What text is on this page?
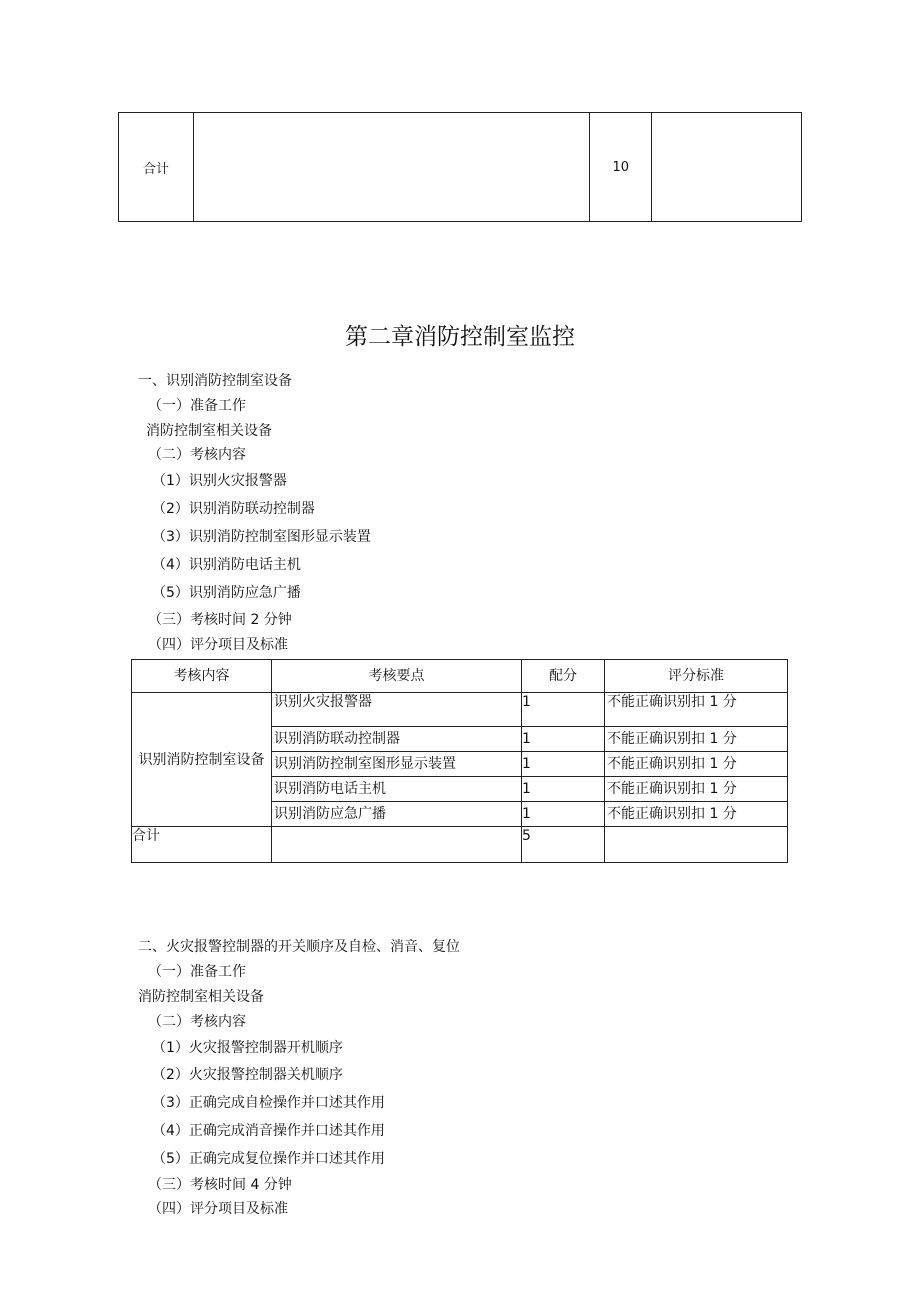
合计		10	
第二章消防控制室监控
一、识别消防控制室设备
（一）准备工作
消防控制室相关设备
（二）考核内容
（1）识别火灾报警器
（2）识别消防联动控制器
（3）识别消防控制室图形显示装置
（4）识别消防电话主机
（5）识别消防应急广播
（三）考核时间 2 分钟
（四）评分项目及标准
考核内容	考核要点	配分	评分标准
识别消防控制室设备	识别火灾报警器	1	不能正确识别扣 1 分
	识别消防联动控制器	1	不能正确识别扣 1 分
	识别消防控制室图形显示装置	1	不能正确识别扣 1 分
	识别消防电话主机	1	不能正确识别扣 1 分
	识别消防应急广播	1	不能正确识别扣 1 分
合计		5	
二、火灾报警控制器的开关顺序及自检、消音、复位
（一）准备工作
消防控制室相关设备
（二）考核内容
（1）火灾报警控制器开机顺序
（2）火灾报警控制器关机顺序
（3）正确完成自检操作并口述其作用
（4）正确完成消音操作并口述其作用
（5）正确完成复位操作并口述其作用
（三）考核时间 4 分钟
（四）评分项目及标准
